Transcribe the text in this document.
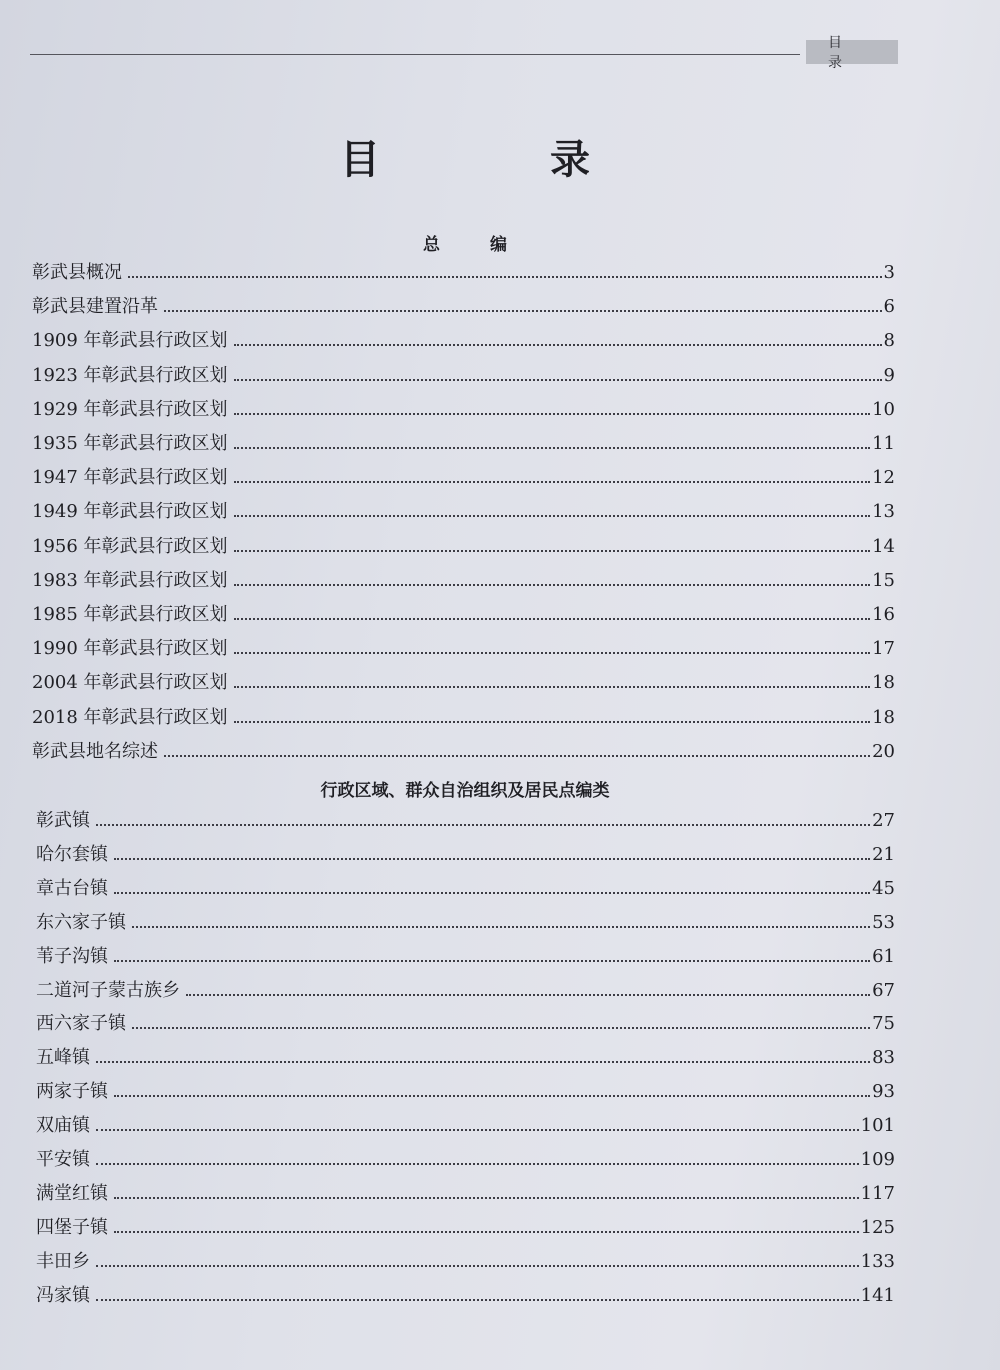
目 录
目 录
总 编
行政区域、群众自治组织及居民点编类
彰武县概况	3
彰武县建置沿革	6
1909 年彰武县行政区划	8
1923 年彰武县行政区划	9
1929 年彰武县行政区划	10
1935 年彰武县行政区划	11
1947 年彰武县行政区划	12
1949 年彰武县行政区划	13
1956 年彰武县行政区划	14
1983 年彰武县行政区划	15
1985 年彰武县行政区划	16
1990 年彰武县行政区划	17
2004 年彰武县行政区划	18
2018 年彰武县行政区划	18
彰武县地名综述	20
彰武镇	27
哈尔套镇	21
章古台镇	45
东六家子镇	53
苇子沟镇	61
二道河子蒙古族乡	67
西六家子镇	75
五峰镇	83
两家子镇	93
双庙镇	101
平安镇	109
满堂红镇	117
四堡子镇	125
丰田乡	133
冯家镇	141
